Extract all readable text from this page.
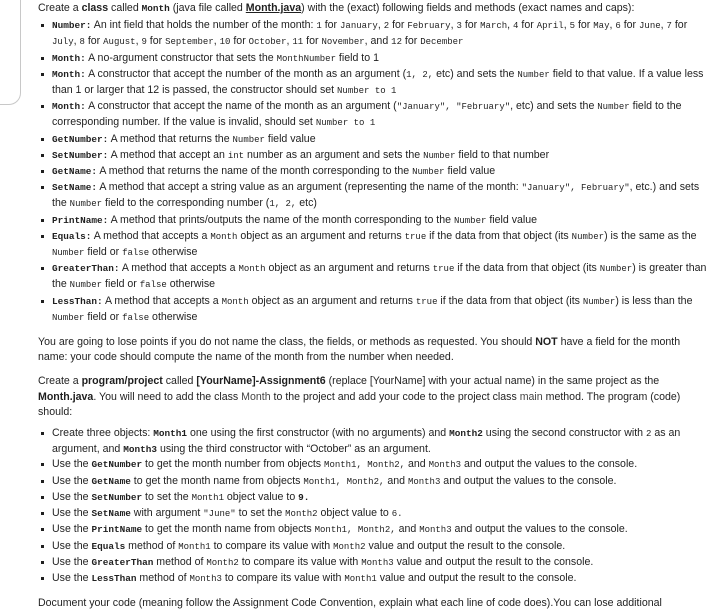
Create a class called Month (java file called Month.java) with the (exact) following fields and methods (exact names and caps):

Number: An int field that holds the number of the month: 1 for January, 2 for February, 3 for March, 4 for April, 5 for May, 6 for June, 7 for July, 8 for August, 9 for September, 10 for October, 11 for November, and 12 for December
Month: A no-argument constructor that sets the MonthNumber field to 1
Month: A constructor that accept the number of the month as an argument (1, 2, etc) and sets the Number field to that value. If a value less than 1 or larger that 12 is passed, the constructor should set Number to 1
Month: A constructor that accept the name of the month as an argument ("January", "February", etc) and sets the Number field to the corresponding number. If the value is invalid, should set Number to 1
GetNumber: A method that returns the Number field value
SetNumber: A method that accept an int number as an argument and sets the Number field to that number
GetName: A method that returns the name of the month corresponding to the Number field value
SetName: A method that accept a string value as an argument (representing the name of the month: "January", February", etc.) and sets the Number field to the corresponding number (1, 2, etc)
PrintName: A method that prints/outputs the name of the month corresponding to the Number field value
Equals: A method that accepts a Month object as an argument and returns true if the data from that object (its Number) is the same as the Number field or false otherwise
GreaterThan: A method that accepts a Month object as an argument and returns true if the data from that object (its Number) is greater than the Number field or false otherwise
LessThan: A method that accepts a Month object as an argument and returns true if the data from that object (its Number) is less than the Number field or false otherwise

You are going to lose points if you do not name the class, the fields, or methods as requested. You should NOT have a field for the month name: your code should compute the name of the month from the number when needed.

Create a program/project called [YourName]-Assignment6 (replace [YourName] with your actual name) in the same project as the Month.java. You will need to add the class Month to the project and add your code to the project class main method. The program (code) should:

Create three objects: Month1 one using the first constructor (with no arguments) and Month2 using the second constructor with 2 as an argument, and Month3 using the third constructor with “October” as an argument.
Use the GetNumber to get the month number from objects Month1, Month2, and Month3 and output the values to the console.
Use the GetName to get the month name from objects Month1, Month2, and Month3 and output the values to the console.
Use the SetNumber to set the Month1 object value to 9.
Use the SetName with argument "June" to set the Month2 object value to 6.
Use the PrintName to get the month name from objects Month1, Month2, and Month3 and output the values to the console.
Use the Equals method of Month1 to compare its value with Month2 value and output the result to the console.
Use the GreaterThan method of Month2 to compare its value with Month3 value and output the result to the console.
Use the LessThan method of Month3 to compare its value with Month1 value and output the result to the console.

Document your code (meaning follow the Assignment Code Convention, explain what each line of code does).You can lose additional
